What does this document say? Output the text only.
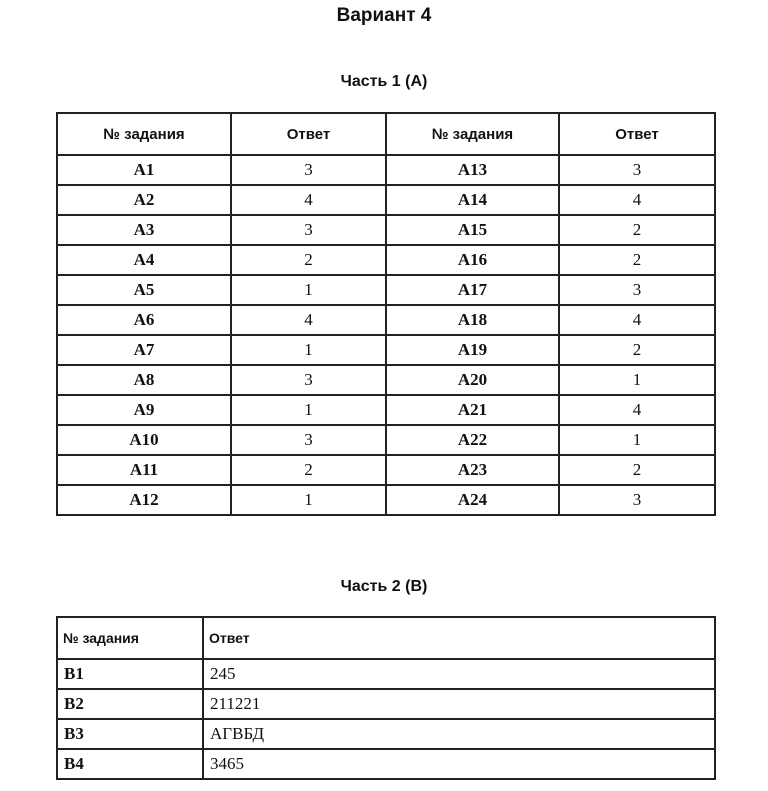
Вариант 4
Часть 1 (А)
№ задания	Ответ	№ задания	Ответ
А1	3	А13	3
А2	4	А14	4
А3	3	А15	2
А4	2	А16	2
А5	1	А17	3
А6	4	А18	4
А7	1	А19	2
А8	3	А20	1
А9	1	А21	4
А10	3	А22	1
А11	2	А23	2
А12	1	А24	3
Часть 2 (В)
№ задания	Ответ
В1	245
В2	211221
В3	АГВБД
В4	3465
